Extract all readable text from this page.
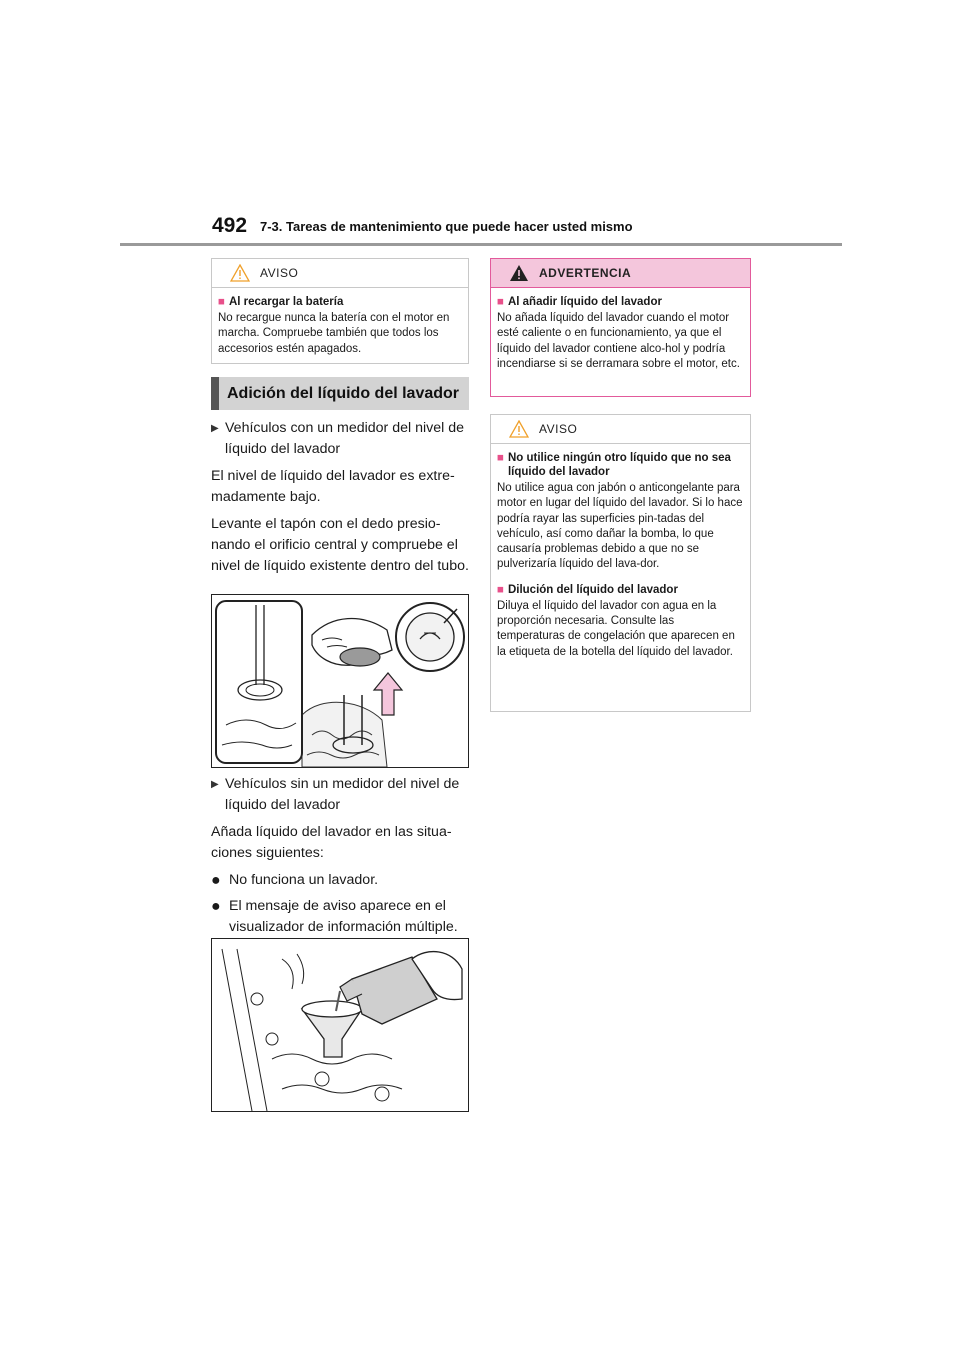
492 7-3. Tareas de mantenimiento que puede hacer usted mismo
AVISO
■ Al recargar la batería

No recargue nunca la batería con el motor en marcha. Compruebe también que todos los accesorios estén apagados.

Adición del líquido del lavador
▶ Vehículos con un medidor del nivel de líquido del lavador

El nivel de líquido del lavador es extre-madamente bajo.

Levante el tapón con el dedo presio-nando el orificio central y compruebe el nivel de líquido existente dentro del tubo.

▶ Vehículos sin un medidor del nivel de líquido del lavador

Añada líquido del lavador en las situa-ciones siguientes:

● No funciona un lavador.
● El mensaje de aviso aparece en el visualizador de información múltiple.
ADVERTENCIA
■ Al añadir líquido del lavador

No añada líquido del lavador cuando el motor esté caliente o en funcionamiento, ya que el líquido del lavador contiene alco-hol y podría incendiarse si se derramara sobre el motor, etc.

AVISO
■ No utilice ningún otro líquido que no sea líquido del lavador

No utilice agua con jabón o anticongelante para motor en lugar del líquido del lavador. Si lo hace podría rayar las superficies pin-tadas del vehículo, así como dañar la bomba, lo que causaría problemas debido a que no se pulverizaría líquido del lava-dor.

■ Dilución del líquido del lavador

Diluya el líquido del lavador con agua en la proporción necesaria. Consulte las temperaturas de congelación que aparecen en la etiqueta de la botella del líquido del lavador.
